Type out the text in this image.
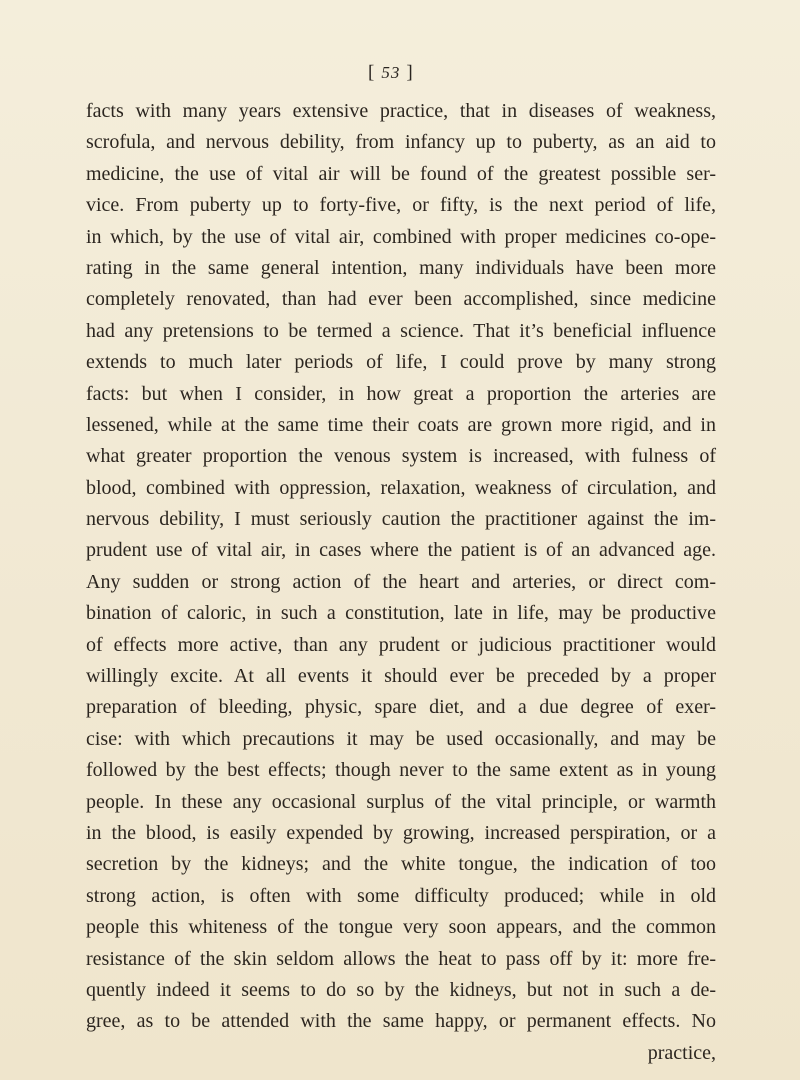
[ 53 ]
facts with many years extensive practice, that in diseases of weakness,
scrofula, and nervous debility, from infancy up to puberty, as an aid to
medicine, the use of vital air will be found of the greatest possible ser-
vice. From puberty up to forty-five, or fifty, is the next period of life,
in which, by the use of vital air, combined with proper medicines co-ope-
rating in the same general intention, many individuals have been more
completely renovated, than had ever been accomplished, since medicine
had any pretensions to be termed a science. That it’s beneficial influence
extends to much later periods of life, I could prove by many strong
facts: but when I consider, in how great a proportion the arteries are
lessened, while at the same time their coats are grown more rigid, and in
what greater proportion the venous system is increased, with fulness of
blood, combined with oppression, relaxation, weakness of circulation, and
nervous debility, I must seriously caution the practitioner against the im-
prudent use of vital air, in cases where the patient is of an advanced age.
Any sudden or strong action of the heart and arteries, or direct com-
bination of caloric, in such a constitution, late in life, may be productive
of effects more active, than any prudent or judicious practitioner would
willingly excite. At all events it should ever be preceded by a proper
preparation of bleeding, physic, spare diet, and a due degree of exer-
cise: with which precautions it may be used occasionally, and may be
followed by the best effects; though never to the same extent as in young
people. In these any occasional surplus of the vital principle, or warmth
in the blood, is easily expended by growing, increased perspiration, or a
secretion by the kidneys; and the white tongue, the indication of too
strong action, is often with some difficulty produced; while in old
people this whiteness of the tongue very soon appears, and the common
resistance of the skin seldom allows the heat to pass off by it: more fre-
quently indeed it seems to do so by the kidneys, but not in such a de-
gree, as to be attended with the same happy, or permanent effects. No
practice,
